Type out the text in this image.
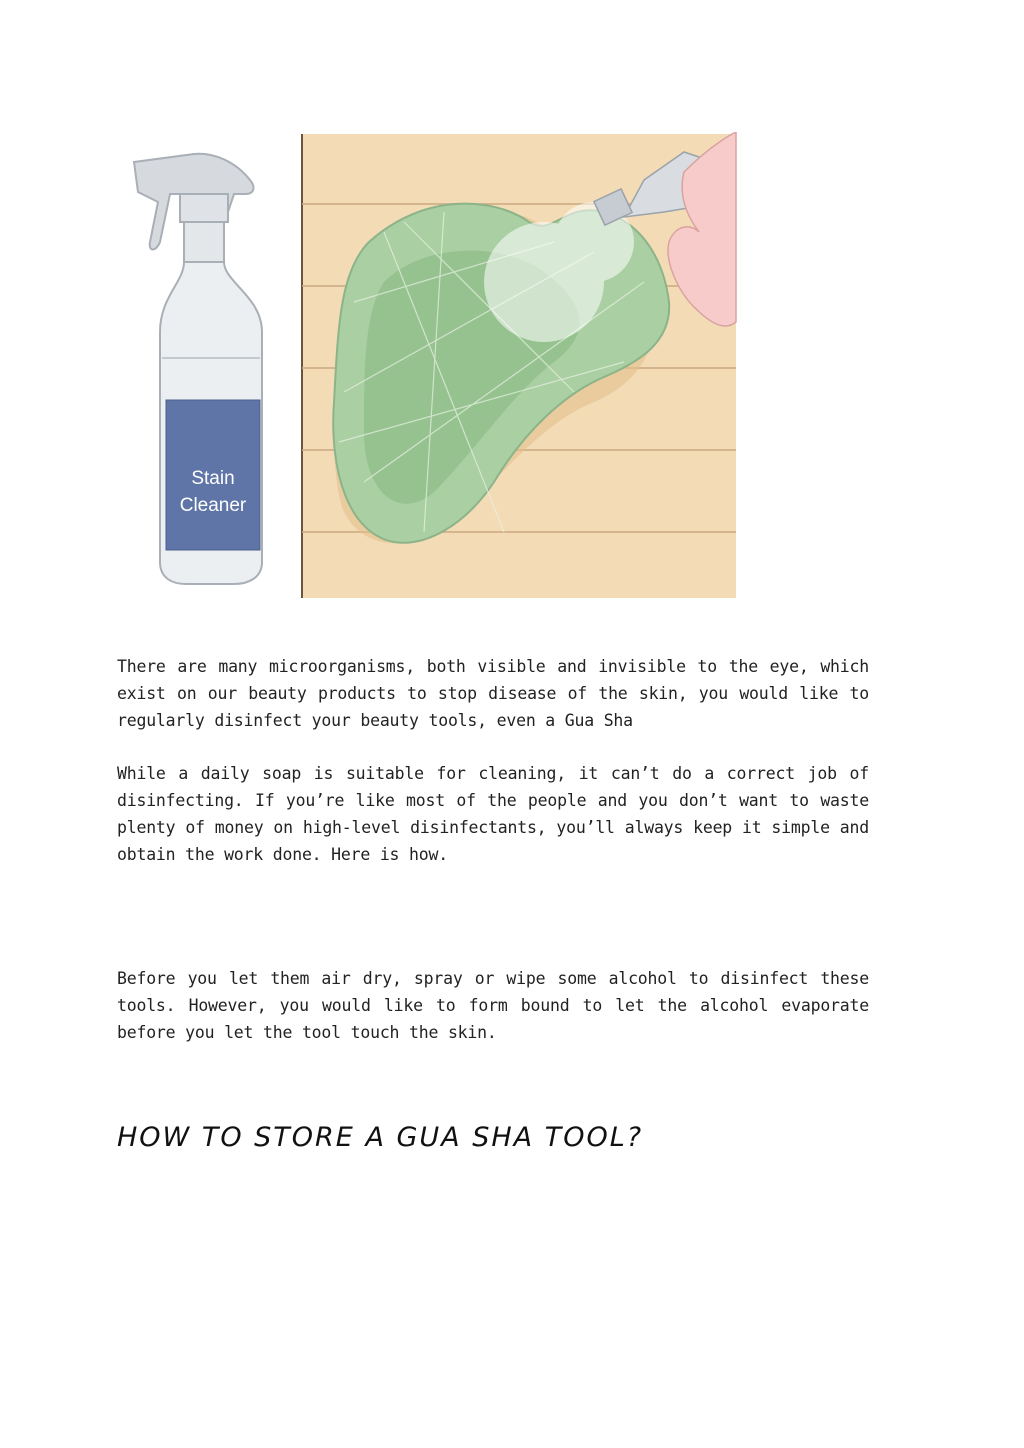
Stain
Cleaner

There are many microorganisms, both visible and invisible to the eye, which exist on our beauty products to stop disease of the skin, you would like to regularly disinfect your beauty tools, even a Gua Sha

While a daily soap is suitable for cleaning, it can’t do a correct job of disinfecting. If you’re like most of the people and you don’t want to waste plenty of money on high-level disinfectants, you’ll always keep it simple and obtain the work done. Here is how.

Before you let them air dry, spray or wipe some alcohol to disinfect these tools. However, you would like to form bound to let the alcohol evaporate before you let the tool touch the skin.

HOW TO STORE A GUA SHA TOOL?
